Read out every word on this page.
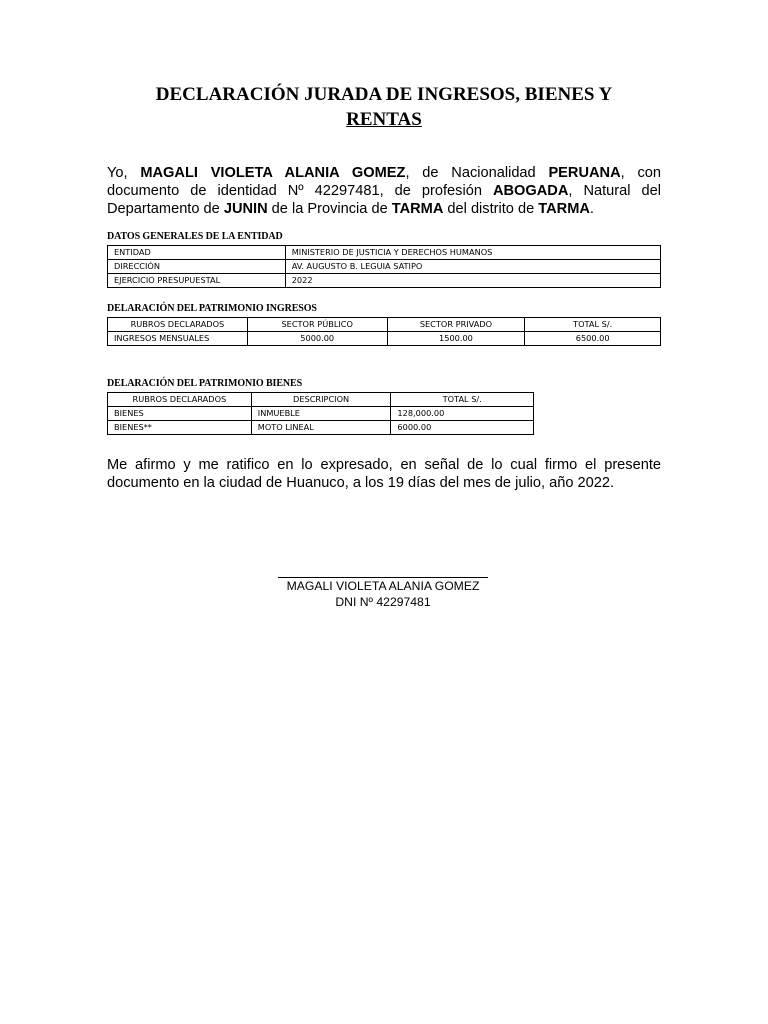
DECLARACIÓN JURADA DE INGRESOS, BIENES Y
RENTAS
Yo, MAGALI VIOLETA ALANIA GOMEZ, de Nacionalidad PERUANA, con documento de identidad Nº 42297481, de profesión ABOGADA, Natural del Departamento de JUNIN de la Provincia de TARMA del distrito de TARMA.
DATOS GENERALES DE LA ENTIDAD
ENTIDAD	MINISTERIO DE JUSTICIA Y DERECHOS HUMANOS
DIRECCIÓN	AV. AUGUSTO B. LEGUIA SATIPO
EJERCICIO PRESUPUESTAL	2022
DELARACIÓN DEL PATRIMONIO INGRESOS
RUBROS DECLARADOS	SECTOR PÚBLICO	SECTOR PRIVADO	TOTAL S/.
INGRESOS MENSUALES	5000.00	1500.00	6500.00
DELARACIÓN DEL PATRIMONIO BIENES
RUBROS DECLARADOS	DESCRIPCION	TOTAL S/.
BIENES	INMUEBLE	128,000.00
BIENES**	MOTO LINEAL	6000.00
Me afirmo y me ratifico en lo expresado, en señal de lo cual firmo el presente documento en la ciudad de Huanuco, a los 19 días del mes de julio, año 2022.
MAGALI VIOLETA ALANIA GOMEZ
DNI Nº 42297481
